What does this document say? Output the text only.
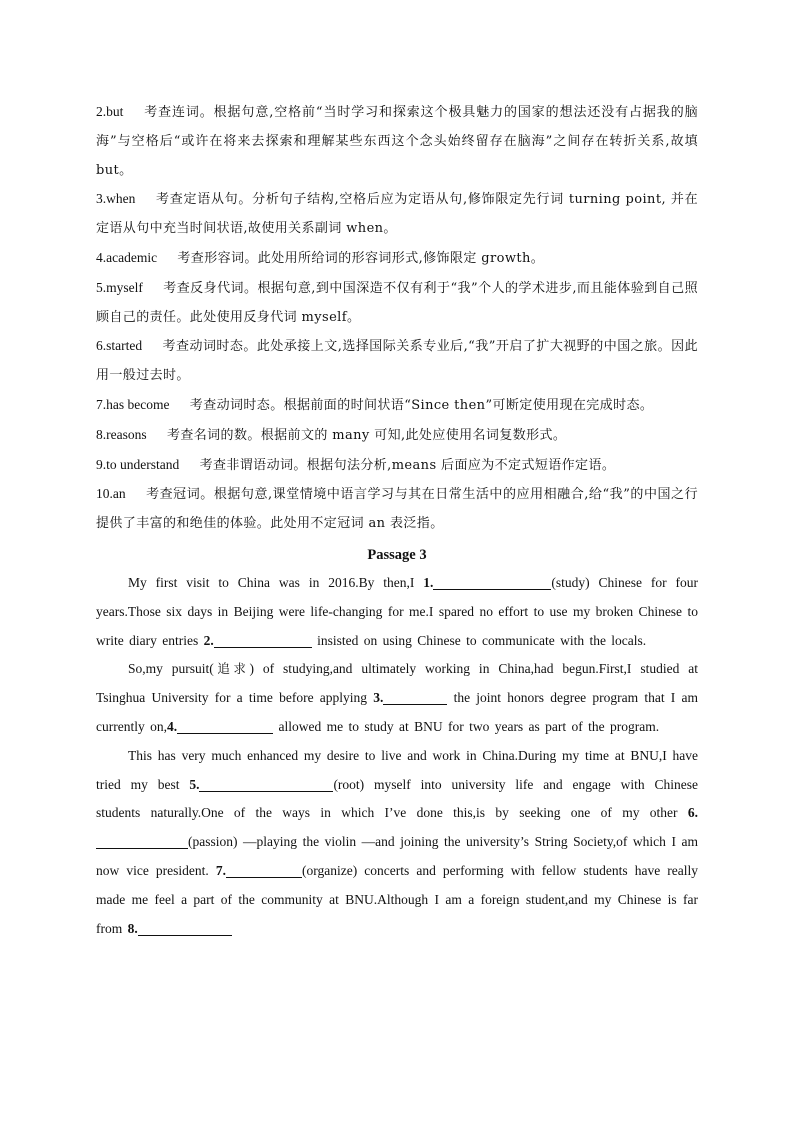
2.but   考查连词。根据句意,空格前“当时学习和探索这个极具魅力的国家的想法还没有占据我的脑海”与空格后“或许在将来去探索和理解某些东西这个念头始终留存在脑海”之间存在转折关系,故填 but。

3.when   考查定语从句。分析句子结构,空格后应为定语从句,修饰限定先行词 turning point, 并在定语从句中充当时间状语,故使用关系副词 when。

4.academic   考查形容词。此处用所给词的形容词形式,修饰限定 growth。

5.myself   考查反身代词。根据句意,到中国深造不仅有利于“我”个人的学术进步,而且能体验到自己照顾自己的责任。此处使用反身代词 myself。

6.started   考查动词时态。此处承接上文,选择国际关系专业后,“我”开启了扩大视野的中国之旅。因此用一般过去时。

7.has become   考查动词时态。根据前面的时间状语“Since then”可断定使用现在完成时态。

8.reasons   考查名词的数。根据前文的 many 可知,此处应使用名词复数形式。

9.to understand   考查非谓语动词。根据句法分析,means 后面应为不定式短语作定语。

10.an   考查冠词。根据句意,课堂情境中语言学习与其在日常生活中的应用相融合,给“我”的中国之行提供了丰富的和绝佳的体验。此处用不定冠词 an 表泛指。

Passage 3

My first visit to China was in 2016.By then,I 1.	(study) Chinese for four years.Those six days in Beijing were life-changing for me.I spared no effort to use my broken Chinese to write diary entries 2.	insisted on using Chinese to communicate with the locals.

So,my pursuit(追求) of studying,and ultimately working in China,had begun.First,I studied at Tsinghua University for a time before applying 3.	the joint honors degree program that I am currently on,4.	allowed me to study at BNU for two years as part of the program.

This has very much enhanced my desire to live and work in China.During my time at BNU,I have tried my best 5.	(root) myself into university life and engage with Chinese students naturally.One of the ways in which I’ve done this,is by seeking one of my other 6.(passion) —playing the violin —and joining the university’s String Society,of which I am now vice president. 7.	(organize) concerts and performing with fellow students have really made me feel a part of the community at BNU.Although I am a foreign student,and my Chinese is far from 8.
